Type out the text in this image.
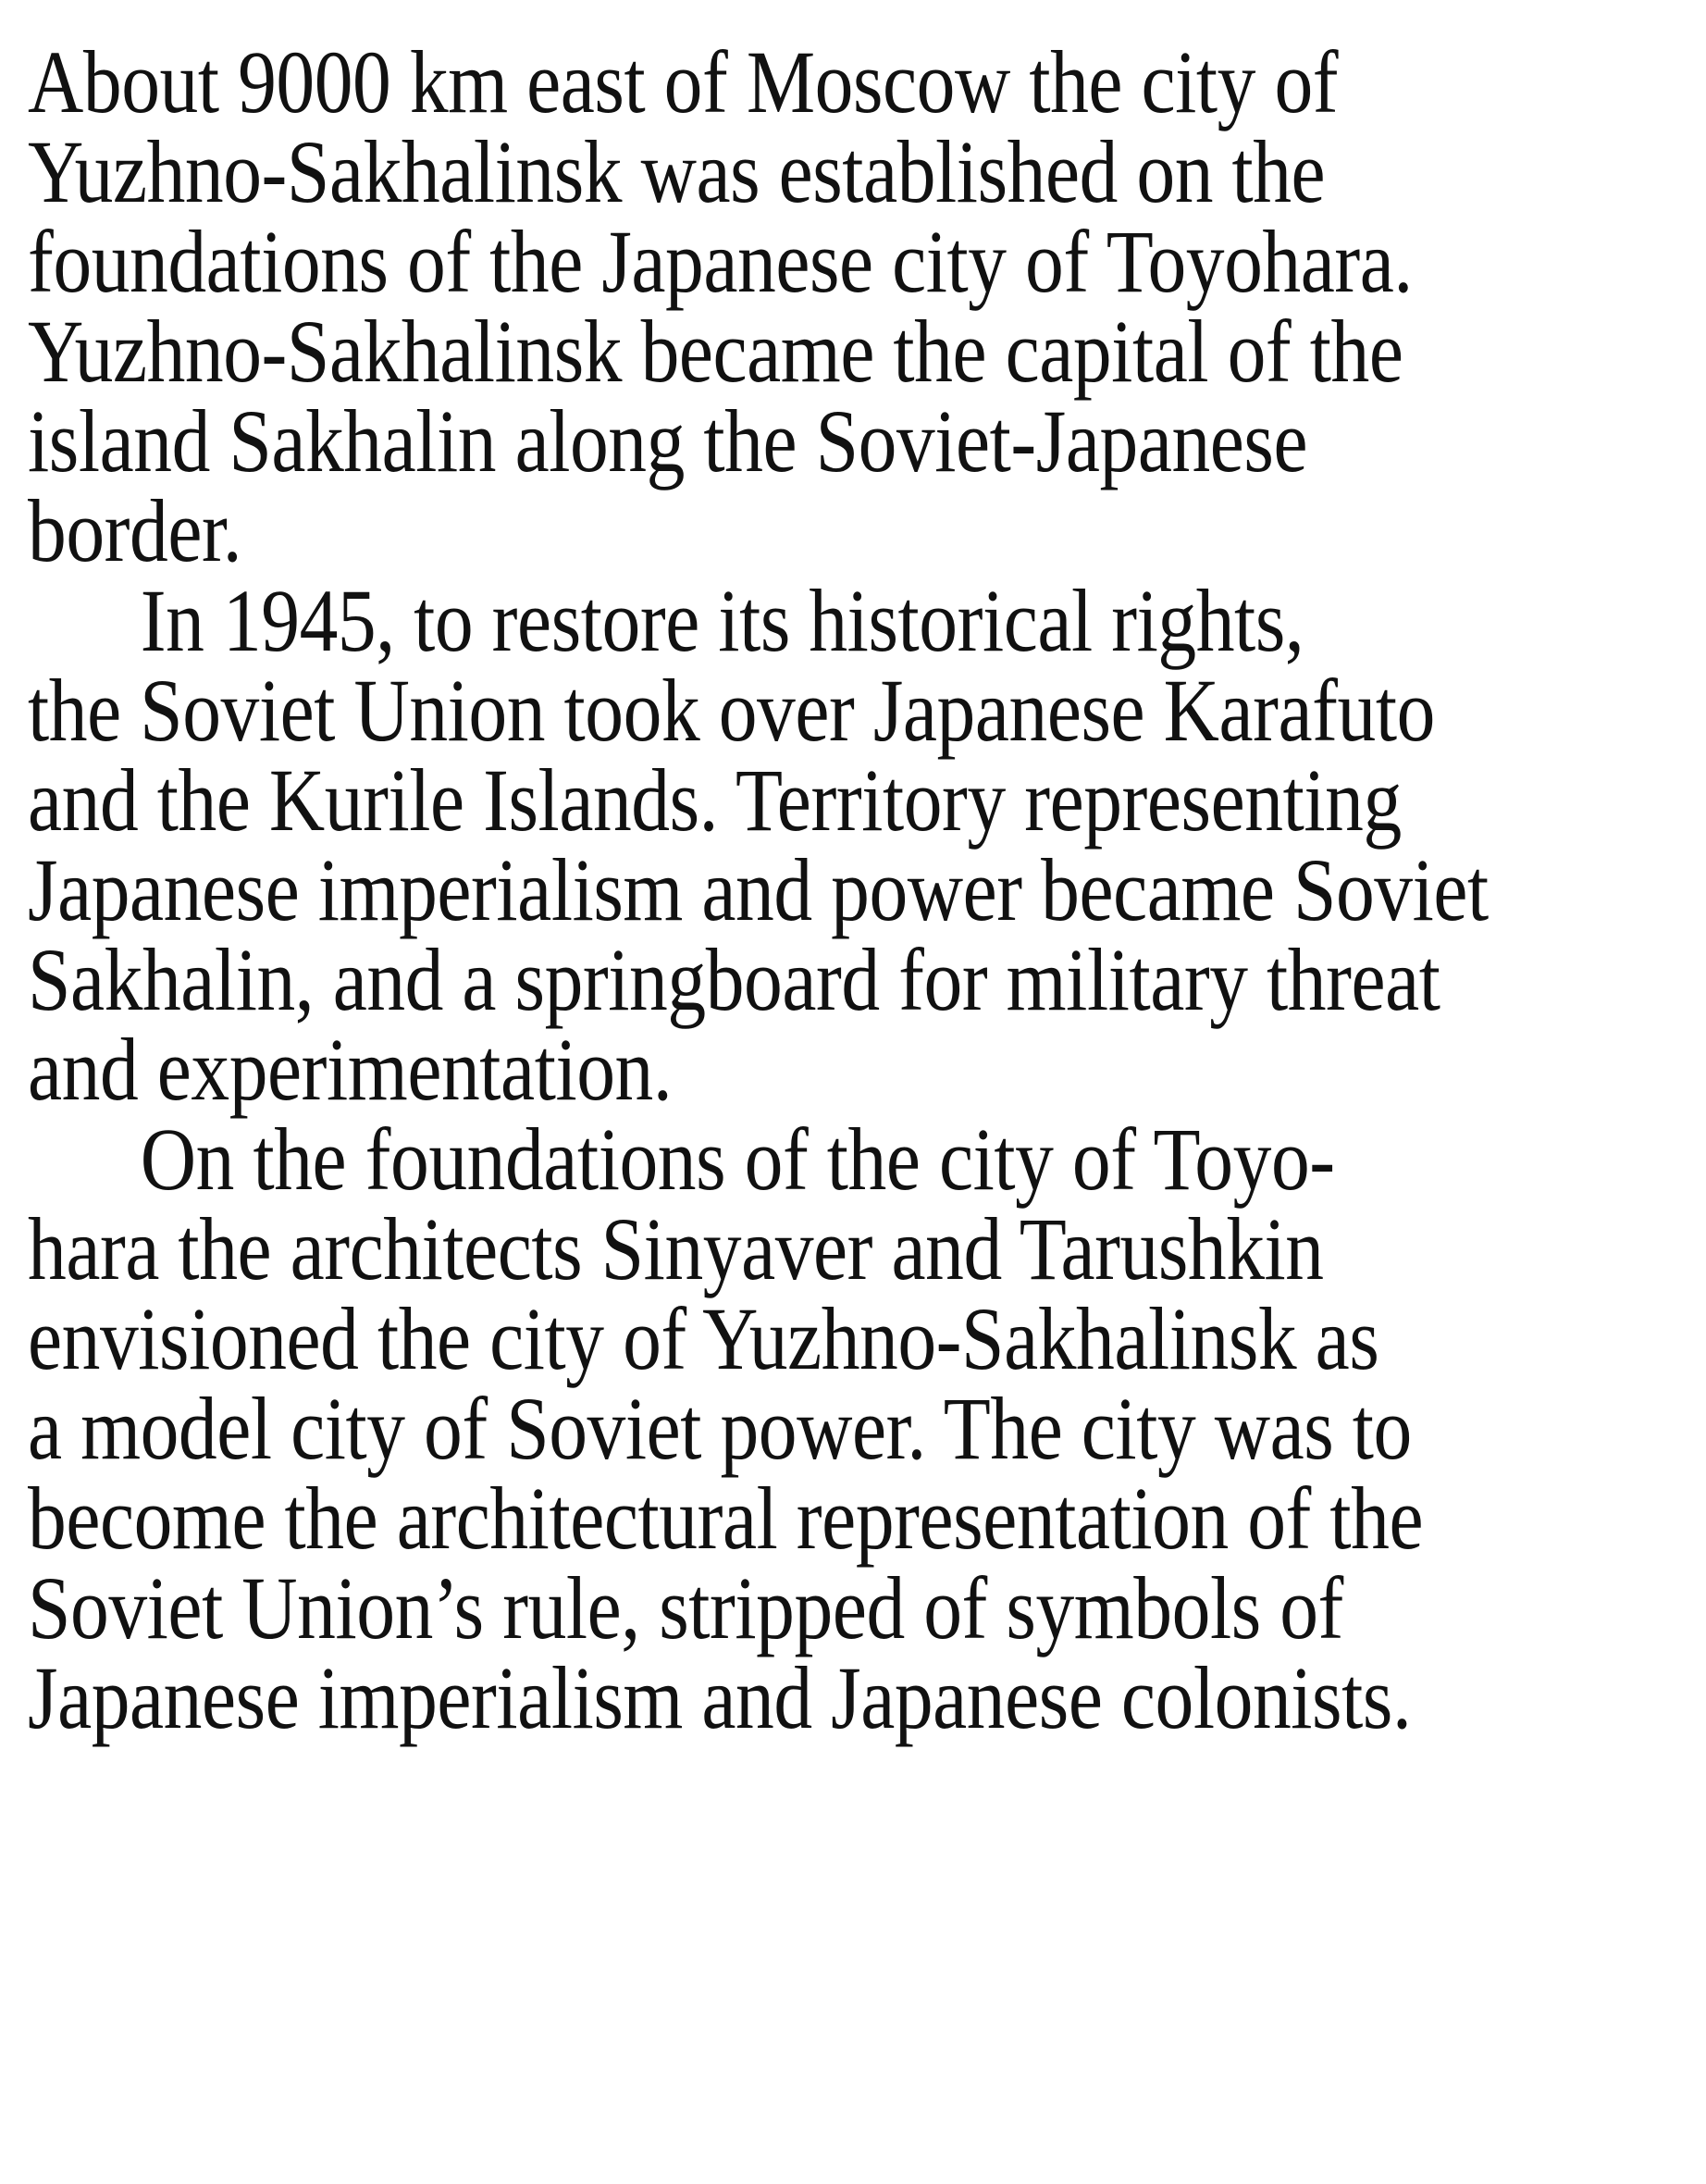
About 9000 km east of Moscow the city of
Yuzhno-Sakhalinsk was established on the
foundations of the Japanese city of Toyohara.
Yuzhno-Sakhalinsk became the capital of the
island Sakhalin along the Soviet-Japanese
border.
In 1945, to restore its historical rights,
the Soviet Union took over Japanese Karafuto
and the Kurile Islands. Territory representing
Japanese imperialism and power became Soviet
Sakhalin, and a springboard for military threat
and experimentation.
On the foundations of the city of Toyo-
hara the architects Sinyaver and Tarushkin
envisioned the city of Yuzhno-Sakhalinsk as
a model city of Soviet power. The city was to
become the architectural representation of the
Soviet Union’s rule, stripped of symbols of
Japanese imperialism and Japanese colonists.
